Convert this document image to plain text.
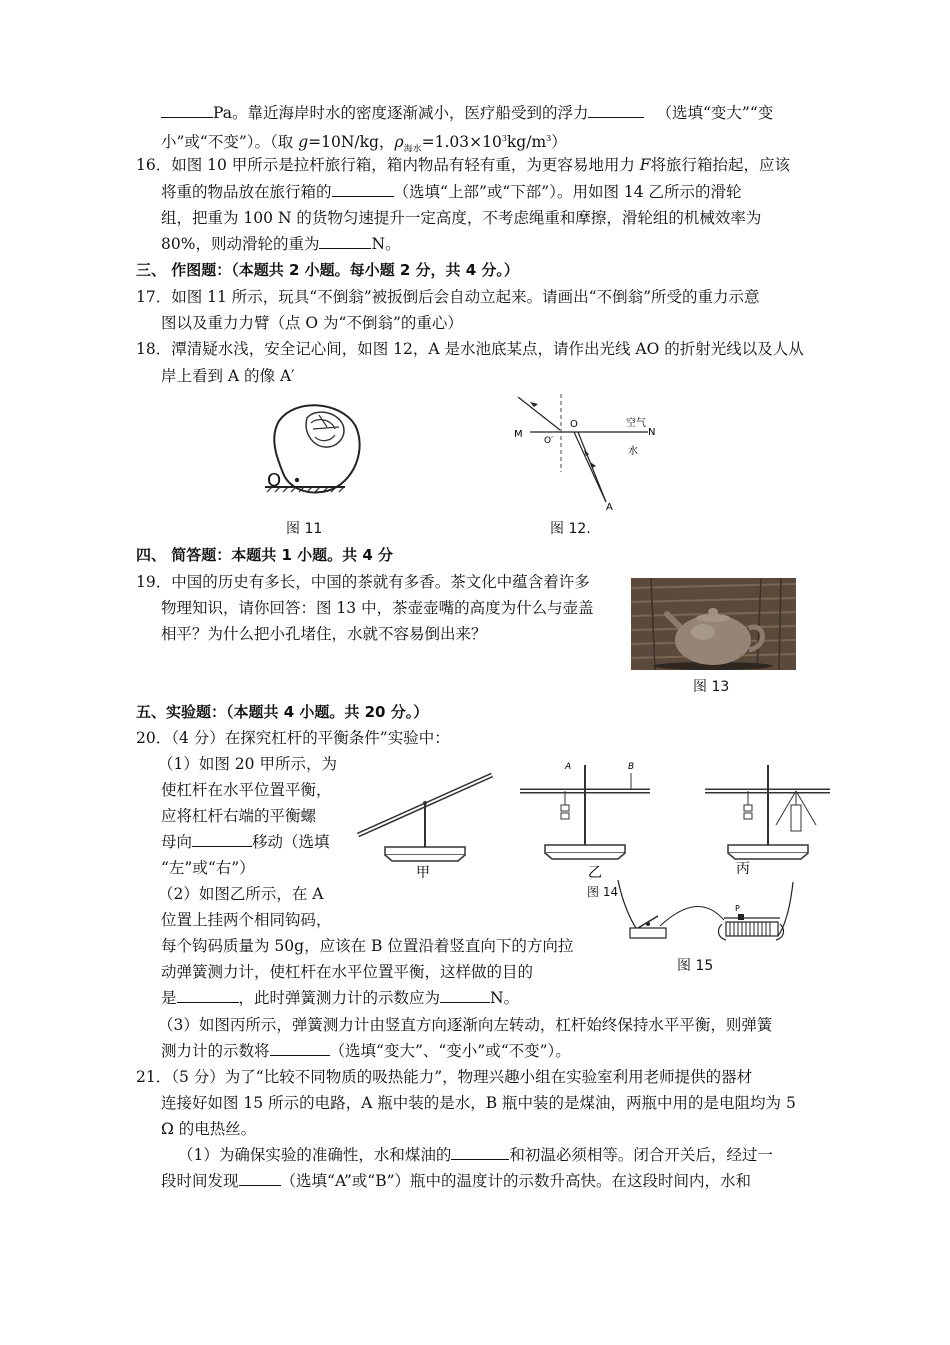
Pa。靠近海岸时水的密度逐渐减小，医疗船受到的浮力	（选填“变大”“变
小”或“不变”）。（取 g=10N/kg，$\rho_{海水}=1.03\times 10^3kg/m^3$）
16．如图 10 甲所示是拉杆旅行箱，箱内物品有轻有重，为更容易地用力 F将旅行箱抬起，应该
将重的物品放在旅行箱的	（选填“上部”或“下部”）。用如图 14 乙所示的滑轮
组，把重为 100 N 的货物匀速提升一定高度，不考虑绳重和摩擦，滑轮组的机械效率为
80%，则动滑轮的重为	N。
三、 作图题：（本题共 2 小题。每小题 2 分，共 4 分。）
17．如图 11 所示，玩具“不倒翁”被扳倒后会自动立起来。请画出“不倒翁”所受的重力示意
图以及重力力臂（点 O 为“不倒翁”的重心）
18．潭清疑水浅，安全记心间，如图 12，A 是水池底某点，请作出光线 AO 的折射光线以及人从
岸上看到 A 的像 A′
O
图 11
M
O′
O	空气
N
水
A
图 12.
四、 简答题：本题共 1 小题。共 4 分
19．中国的历史有多长，中国的茶就有多香。茶文化中蕴含着许多
物理知识，请你回答：图 13 中，茶壶壶嘴的高度为什么与壶盖
相平？为什么把小孔堵住，水就不容易倒出来？
图 13
五、实验题：（本题共 4 小题。共 20 分。）
20．（4 分）在探究杠杆的平衡条件”实验中：
（1）如图 20 甲所示，为
使杠杆在水平位置平衡，
应将杠杆右端的平衡螺
母向	移动（选填
“左”或“右”）
（2）如图乙所示，在 A
位置上挂两个相同钩码，
每个钩码质量为 50g，应该在 B 位置沿着竖直向下的方向拉
动弹簧测力计，使杠杆在水平位置平衡，这样做的目的
是	，此时弹簧测力计的示数应为	N。
（3）如图丙所示，弹簧测力计由竖直方向逐渐向左转动，杠杆始终保持水平平衡，则弹簧
测力计的示数将	（选填“变大”、“变小”或“不变”）。
A	B
甲	乙	丙
图 14
P
图 15
21．（5 分）为了“比较不同物质的吸热能力”，物理兴趣小组在实验室利用老师提供的器材
连接好如图 15 所示的电路，A 瓶中装的是水，B 瓶中装的是煤油，两瓶中用的是电阻均为 5
Ω 的电热丝。
（1）为确保实验的准确性，水和煤油的	和初温必须相等。闭合开关后，经过一
段时间发现	（选填“A”或“B”）瓶中的温度计的示数升高快。在这段时间内，水和
